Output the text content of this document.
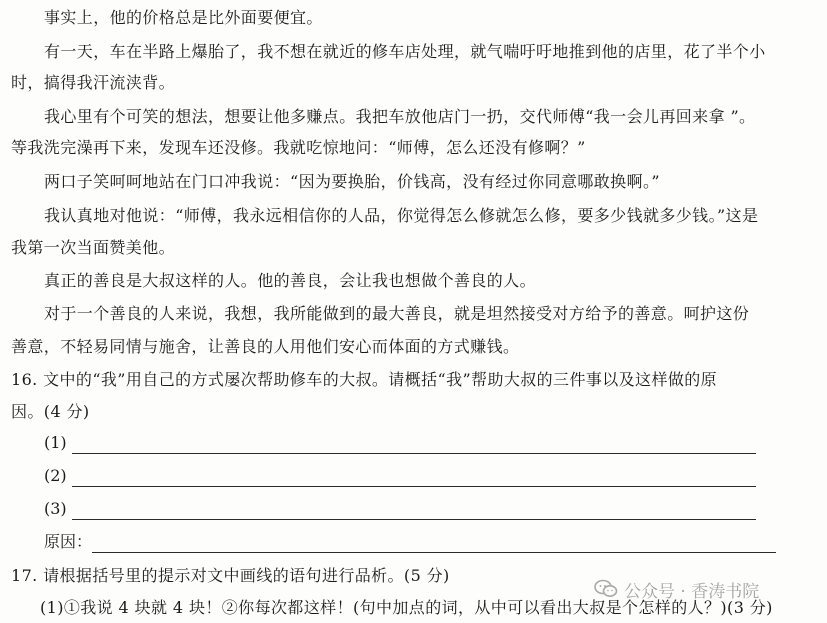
事实上，他的价格总是比外面要便宜。
有一天，车在半路上爆胎了，我不想在就近的修车店处理，就气喘吁吁地推到他的店里，花了半个小
时，搞得我汗流浃背。
我心里有个可笑的想法，想要让他多赚点。我把车放他店门一扔，交代师傅“我一会儿再回来拿 ”。
等我洗完澡再下来，发现车还没修。我就吃惊地问：“师傅，怎么还没有修啊？”
两口子笑呵呵地站在门口冲我说：“因为要换胎，价钱高，没有经过你同意哪敢换啊。”
我认真地对他说：“师傅，我永远相信你的人品，你觉得怎么修就怎么修，要多少钱就多少钱。”这是
我第一次当面赞美他。
真正的善良是大叔这样的人。他的善良，会让我也想做个善良的人。
对于一个善良的人来说，我想，我所能做到的最大善良，就是坦然接受对方给予的善意。呵护这份
善意，不轻易同情与施舍，让善良的人用他们安心而体面的方式赚钱。
16. 文中的“我”用自己的方式屡次帮助修车的大叔。请概括“我”帮助大叔的三件事以及这样做的原
因。(4 分)
(1)
(2)
(3)
原因：
17. 请根据括号里的提示对文中画线的语句进行品析。(5 分)
(1)①我说 4 块就 4 块！②你每次都这样！(句中加点的词，从中可以看出大叔是个怎样的人？)(3 分)
公众号 · 香涛书院
